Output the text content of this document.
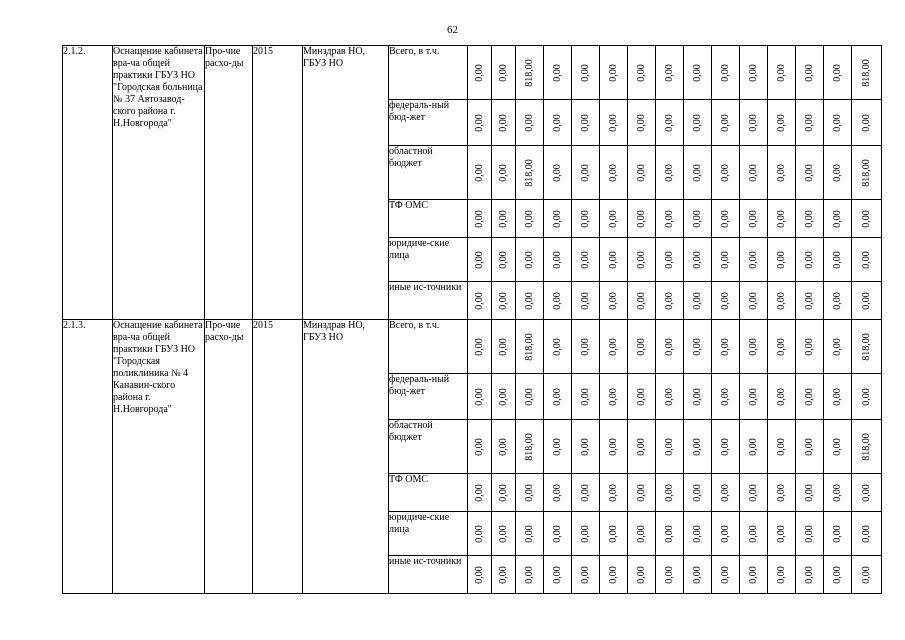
62
2.1.2.	Оснащение кабинета вра-ча общей практики ГБУЗ НО "Городская больница № 37 Автозавод-ского района г. Н.Новгорода"	Про-чие расхо-ды	2015	Минздрав НО, ГБУЗ НО	Всего, в т.ч.	0,00	0,00	818,00	0,00	0,00	0,00	0,00	0,00	0,00	0,00	0,00	0,00	0,00	0,00	818,00

					федераль-ный бюд-жет	0,00	0,00	0,00	0,00	0,00	0,00	0,00	0,00	0,00	0,00	0,00	0,00	0,00	0,00	0,00

					областной бюджет	0,00	0,00	818,00	0,00	0,00	0,00	0,00	0,00	0,00	0,00	0,00	0,00	0,00	0,00	818,00

					ТФ ОМС	0,00	0,00	0,00	0,00	0,00	0,00	0,00	0,00	0,00	0,00	0,00	0,00	0,00	0,00	0,00

					юридиче-ские лица	0,00	0,00	0,00	0,00	0,00	0,00	0,00	0,00	0,00	0,00	0,00	0,00	0,00	0,00	0,00

					иные ис-точники	0,00	0,00	0,00	0,00	0,00	0,00	0,00	0,00	0,00	0,00	0,00	0,00	0,00	0,00	0,00

2.1.3.	Оснащение кабинета вра-ча общей практики ГБУЗ НО "Городская поликлиника № 4 Канавин-ского района г. Н.Новгорода"	Про-чие расхо-ды	2015	Минздрав НО, ГБУЗ НО	Всего, в т.ч.	0,00	0,00	818,00	0,00	0,00	0,00	0,00	0,00	0,00	0,00	0,00	0,00	0,00	0,00	818,00

					федераль-ный бюд-жет	0,00	0,00	0,00	0,00	0,00	0,00	0,00	0,00	0,00	0,00	0,00	0,00	0,00	0,00	0,00

					областной бюджет	0,00	0,00	818,00	0,00	0,00	0,00	0,00	0,00	0,00	0,00	0,00	0,00	0,00	0,00	818,00

					ТФ ОМС	0,00	0,00	0,00	0,00	0,00	0,00	0,00	0,00	0,00	0,00	0,00	0,00	0,00	0,00	0,00

					юридиче-ские лица	0,00	0,00	0,00	0,00	0,00	0,00	0,00	0,00	0,00	0,00	0,00	0,00	0,00	0,00	0,00

					иные ис-точники	0,00	0,00	0,00	0,00	0,00	0,00	0,00	0,00	0,00	0,00	0,00	0,00	0,00	0,00	0,00
